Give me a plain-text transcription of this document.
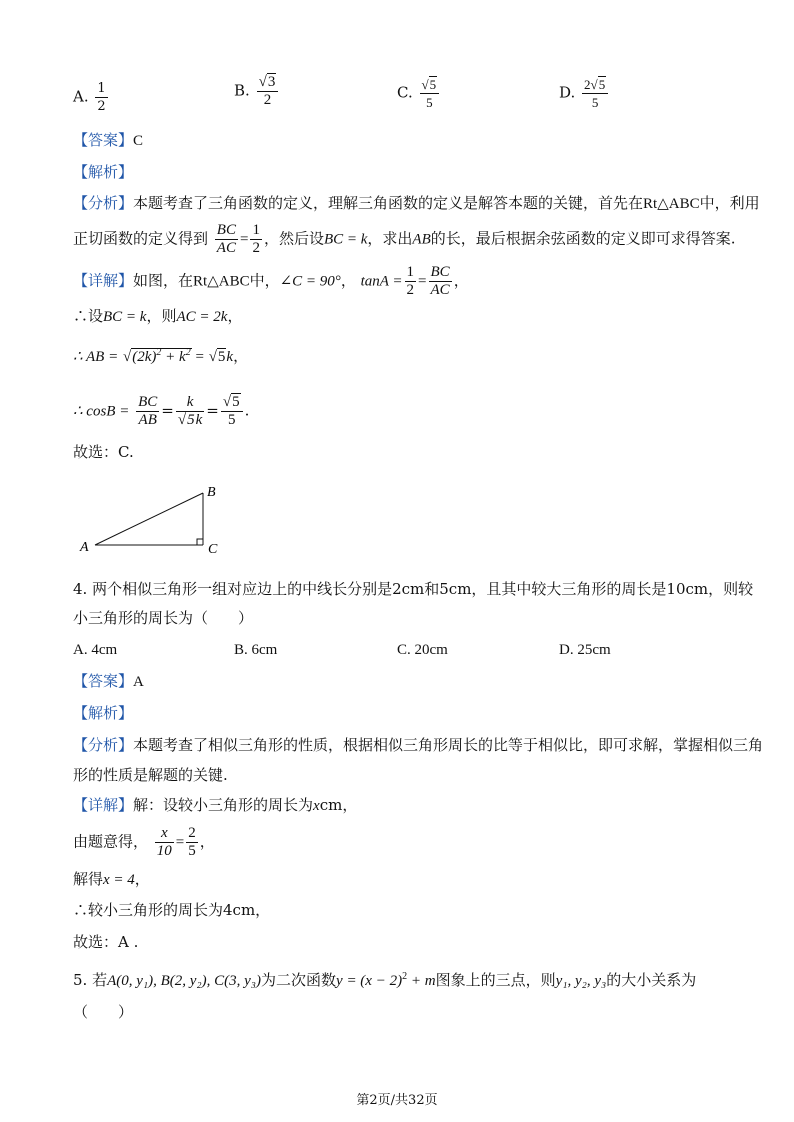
A. $\frac{1}{2}$	B. $\frac{√3}{2}$	C. $\frac{√5}{5}$	D. $\frac{2√5}{5}$
【答案】C
【解析】
【分析】本题考查了三角函数的定义，理解三角函数的定义是解答本题的关键，首先在Rt△ABC中，利用
正切函数的定义得到 $\frac{BC}{AC} = \frac{1}{2}$ ，然后设BC = k，求出AB的长，最后根据余弦函数的定义即可求得答案.
【详解】如图，在Rt△ABC中，∠C = 90°， $\tan A = \frac{1}{2} = \frac{BC}{AC}$ ，
∴设BC = k，则AC = 2k，
∴ AB = $√(2k)^2 + k^2 = √5k$，
∴ $\cos B = \frac{BC}{AB} = \frac{k}{√5k} = \frac{√5}{5}$ .
故选：C.
A
B
C
4. 两个相似三角形一组对应边上的中线长分别是2cm和5cm，且其中较大三角形的周长是10cm，则较
小三角形的周长为（　　）
A. 4cm	B. 6cm	C. 20cm	D. 25cm
【答案】A
【解析】
【分析】本题考查了相似三角形的性质，根据相似三角形周长的比等于相似比，即可求解，掌握相似三角
形的性质是解题的关键.
【详解】解：设较小三角形的周长为xcm，
由题意得， $\frac{x}{10} = \frac{2}{5}$ ，
解得x = 4，
∴较小三角形的周长为4cm，
故选：A .
5. 若A(0, y₁), B(2, y₂), C(3, y₃)为二次函数$y = (x - 2)^2 + m$图象上的三点，则y₁, y₂, y₃的大小关系为
（　　）
第2页/共32页
